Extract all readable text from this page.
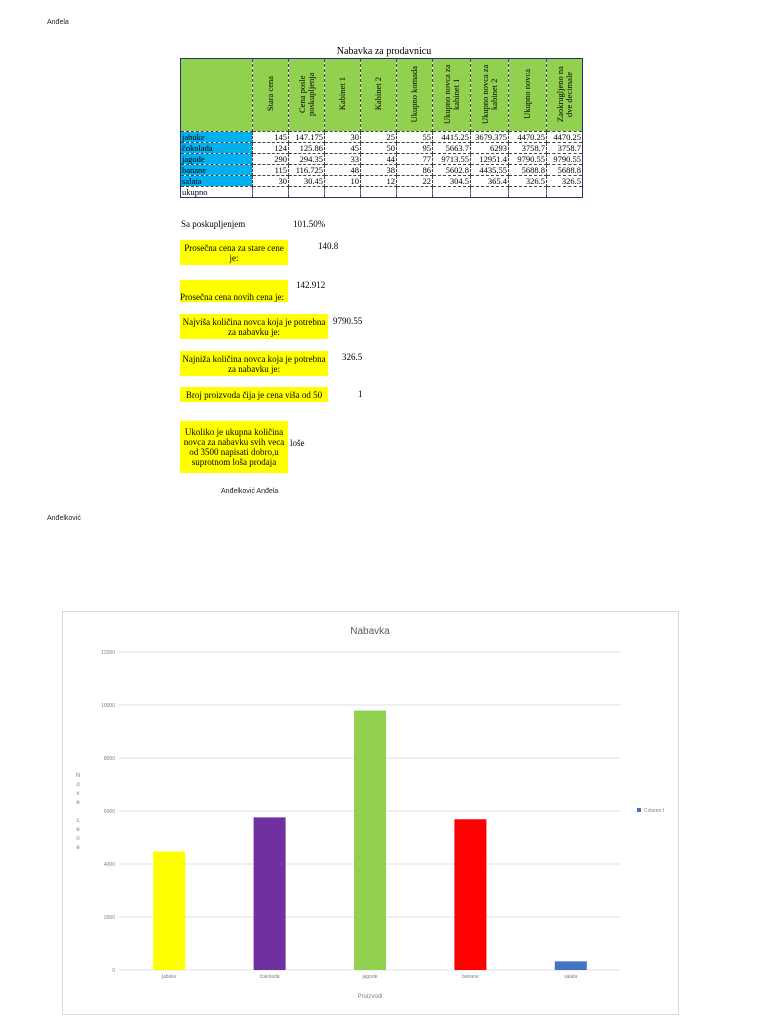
Anđela
Nabavka za prodavnicu
	Stara cena	Cena posle poskupljenja	Kabinet 1	Kabinet 2	Ukupno komada	Ukupno novca za kabinet 1	Ukupno novca za kabinet 2	Ukupno novca	Zaokrugljeno na dve decimale
jabuke	145	147.175	30	25	55	4415.25	3679.375	4470.25	4470.25
čokolada	124	125.86	45	50	95	5663.7	6293	3758.7	3758.7
jagode	290	294.35	33	44	77	9713.55	12951.4	9790.55	9790.55
banane	115	116.725	48	38	86	5602.8	4435.55	5688.8	5688.8
salata	30	30.45	10	12	22	304.5	365.4	326.5	326.5
ukupno									
Sa poskupljenjem	101.50%
Prosečna cena za stare cene je:
140.8
Prosečna cena novih cena je:
142.912
Najviša količina novca koja je potrebna za nabavku je:
9790.55
Najniža količina novca koja je potrebna za nabavku je:
326.5
Broj proizvoda čija je cena viša od 50	1
Ukoliko je ukupna količina novca za nabavku svih veca od 3500 napisati dobro,u suprotnom loša prodaja
loše
Anđelković Anđela
Anđelković
Nabavka
0
2000
4000
6000
8000
10000
12000
jabuke	čokolada	jagode	banane	salata
Proizvodi
N o v e c e n e
Column I
